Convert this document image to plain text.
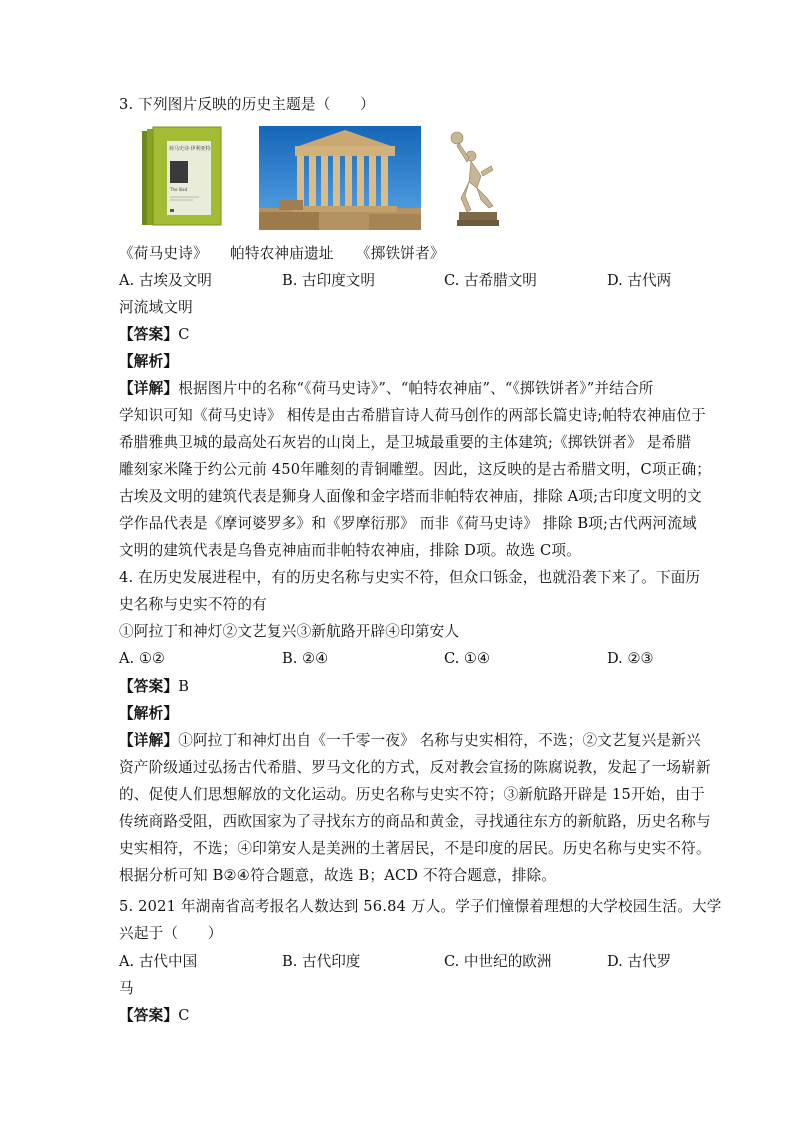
3. 下列图片反映的历史主题是（　　）
荷马史诗·伊利亚特
The Iliad
《荷马史诗》　　帕特农神庙遗址　　《掷铁饼者》
A. 古埃及文明	B. 古印度文明	C. 古希腊文明	D. 古代两
河流域文明
【答案】C
【解析】
【详解】根据图片中的名称“《荷马史诗》”、“帕特农神庙”、“《掷铁饼者》”并结合所
学知识可知《荷马史诗》 相传是由古希腊盲诗人荷马创作的两部长篇史诗;帕特农神庙位于
希腊雅典卫城的最高处石灰岩的山岗上，是卫城最重要的主体建筑;《掷铁饼者》 是希腊
雕刻家米隆于约公元前 450年雕刻的青铜雕塑。因此，这反映的是古希腊文明，C项正确；
古埃及文明的建筑代表是狮身人面像和金字塔而非帕特农神庙，排除 A项;古印度文明的文
学作品代表是《摩诃婆罗多》和《罗摩衍那》 而非《荷马史诗》 排除 B项;古代两河流域
文明的建筑代表是乌鲁克神庙而非帕特农神庙，排除 D项。故选 C项。
4. 在历史发展进程中，有的历史名称与史实不符，但众口铄金，也就沿袭下来了。下面历
史名称与史实不符的有
①阿拉丁和神灯②文艺复兴③新航路开辟④印第安人
A. ①②	B. ②④	C. ①④	D. ②③
【答案】B
【解析】
【详解】①阿拉丁和神灯出自《一千零一夜》 名称与史实相符，不选；②文艺复兴是新兴
资产阶级通过弘扬古代希腊、罗马文化的方式，反对教会宣扬的陈腐说教，发起了一场崭新
的、促使人们思想解放的文化运动。历史名称与史实不符；③新航路开辟是 15开始，由于
传统商路受阻，西欧国家为了寻找东方的商品和黄金，寻找通往东方的新航路，历史名称与
史实相符，不选；④印第安人是美洲的土著居民，不是印度的居民。历史名称与史实不符。
根据分析可知 B②④符合题意，故选 B；ACD 不符合题意，排除。
5. 2021 年湖南省高考报名人数达到 56.84 万人。学子们憧憬着理想的大学校园生活。大学
兴起于（　　）
A. 古代中国	B. 古代印度	C. 中世纪的欧洲	D. 古代罗
马
【答案】C
